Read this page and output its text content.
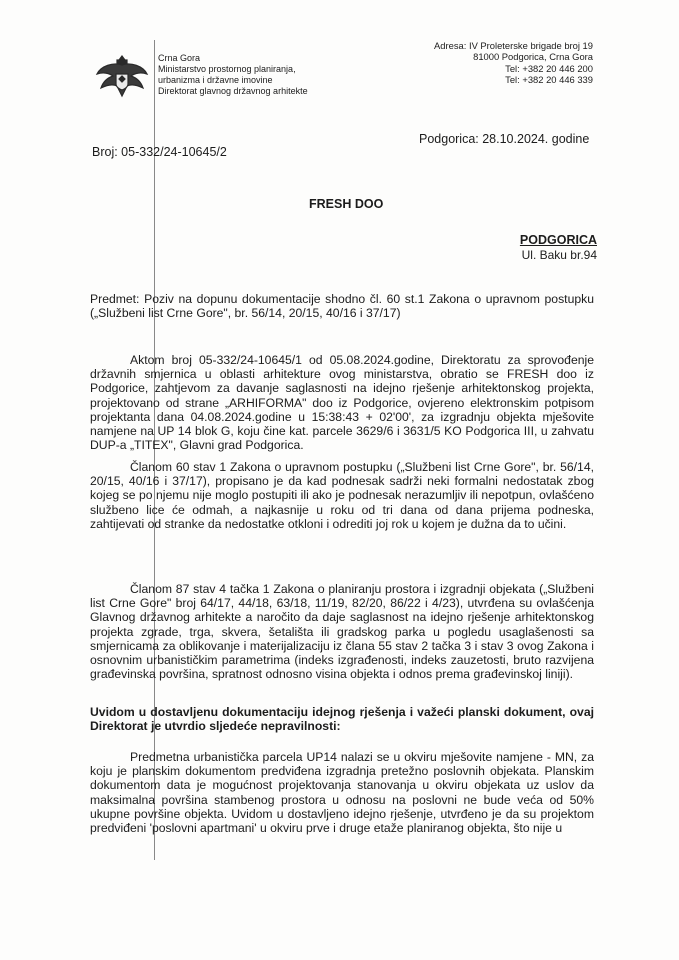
Crna Gora
Ministarstvo prostornog planiranja,
urbanizma i državne imovine
Direktorat glavnog državnog arhitekte
Adresa: IV Proleterske brigade broj 19
81000 Podgorica, Crna Gora
Tel: +382 20 446 200
Tel: +382 20 446 339
Broj: 05-332/24-10645/2
Podgorica: 28.10.2024. godine
FRESH DOO
PODGORICA
Ul. Baku br.94

Predmet: Poziv na dopunu dokumentacije shodno čl. 60 st.1 Zakona o upravnom postupku („Službeni list Crne Gore", br. 56/14, 20/15, 40/16 i 37/17)

Aktom broj 05-332/24-10645/1 od 05.08.2024.godine, Direktoratu za sprovođenje državnih smjernica u oblasti arhitekture ovog ministarstva, obratio se FRESH doo iz Podgorice, zahtjevom za davanje saglasnosti na idejno rješenje arhitektonskog projekta, projektovano od strane „ARHIFORMA" doo iz Podgorice, ovjereno elektronskim potpisom projektanta dana 04.08.2024.godine u 15:38:43 + 02'00', za izgradnju objekta mješovite namjene na UP 14 blok G, koju čine kat. parcele 3629/6 i 3631/5 KO Podgorica III, u zahvatu DUP-a „TITEX", Glavni grad Podgorica.

Članom 60 stav 1 Zakona o upravnom postupku („Službeni list Crne Gore", br. 56/14, 20/15, 40/16 i 37/17), propisano je da kad podnesak sadrži neki formalni nedostatak zbog kojeg se po njemu nije moglo postupiti ili ako je podnesak nerazumljiv ili nepotpun, ovlašćeno službeno lice će odmah, a najkasnije u roku od tri dana od dana prijema podneska, zahtijevati od stranke da nedostatke otkloni i odrediti joj rok u kojem je dužna da to učini.

Članom 87 stav 4 tačka 1 Zakona o planiranju prostora i izgradnji objekata („Službeni list Crne Gore" broj 64/17, 44/18, 63/18, 11/19, 82/20, 86/22 i 4/23), utvrđena su ovlašćenja Glavnog državnog arhitekte a naročito da daje saglasnost na idejno rješenje arhitektonskog projekta zgrade, trga, skvera, šetališta ili gradskog parka u pogledu usaglašenosti sa smjernicama za oblikovanje i materijalizaciju iz člana 55 stav 2 tačka 3 i stav 3 ovog Zakona i osnovnim urbanističkim parametrima (indeks izgrađenosti, indeks zauzetosti, bruto razvijena građevinska površina, spratnost odnosno visina objekta i odnos prema građevinskoj liniji).

Uvidom u dostavljenu dokumentaciju idejnog rješenja i važeći planski dokument, ovaj Direktorat je utvrdio sljedeće nepravilnosti:

Predmetna urbanistička parcela UP14 nalazi se u okviru mješovite namjene - MN, za koju je planskim dokumentom predviđena izgradnja pretežno poslovnih objekata. Planskim dokumentom data je mogućnost projektovanja stanovanja u okviru objekata uz uslov da maksimalna površina stambenog prostora u odnosu na poslovni ne bude veća od 50% ukupne površine objekta. Uvidom u dostavljeno idejno rješenje, utvrđeno je da su projektom predviđeni 'poslovni apartmani' u okviru prve i druge etaže planiranog objekta, što nije u
